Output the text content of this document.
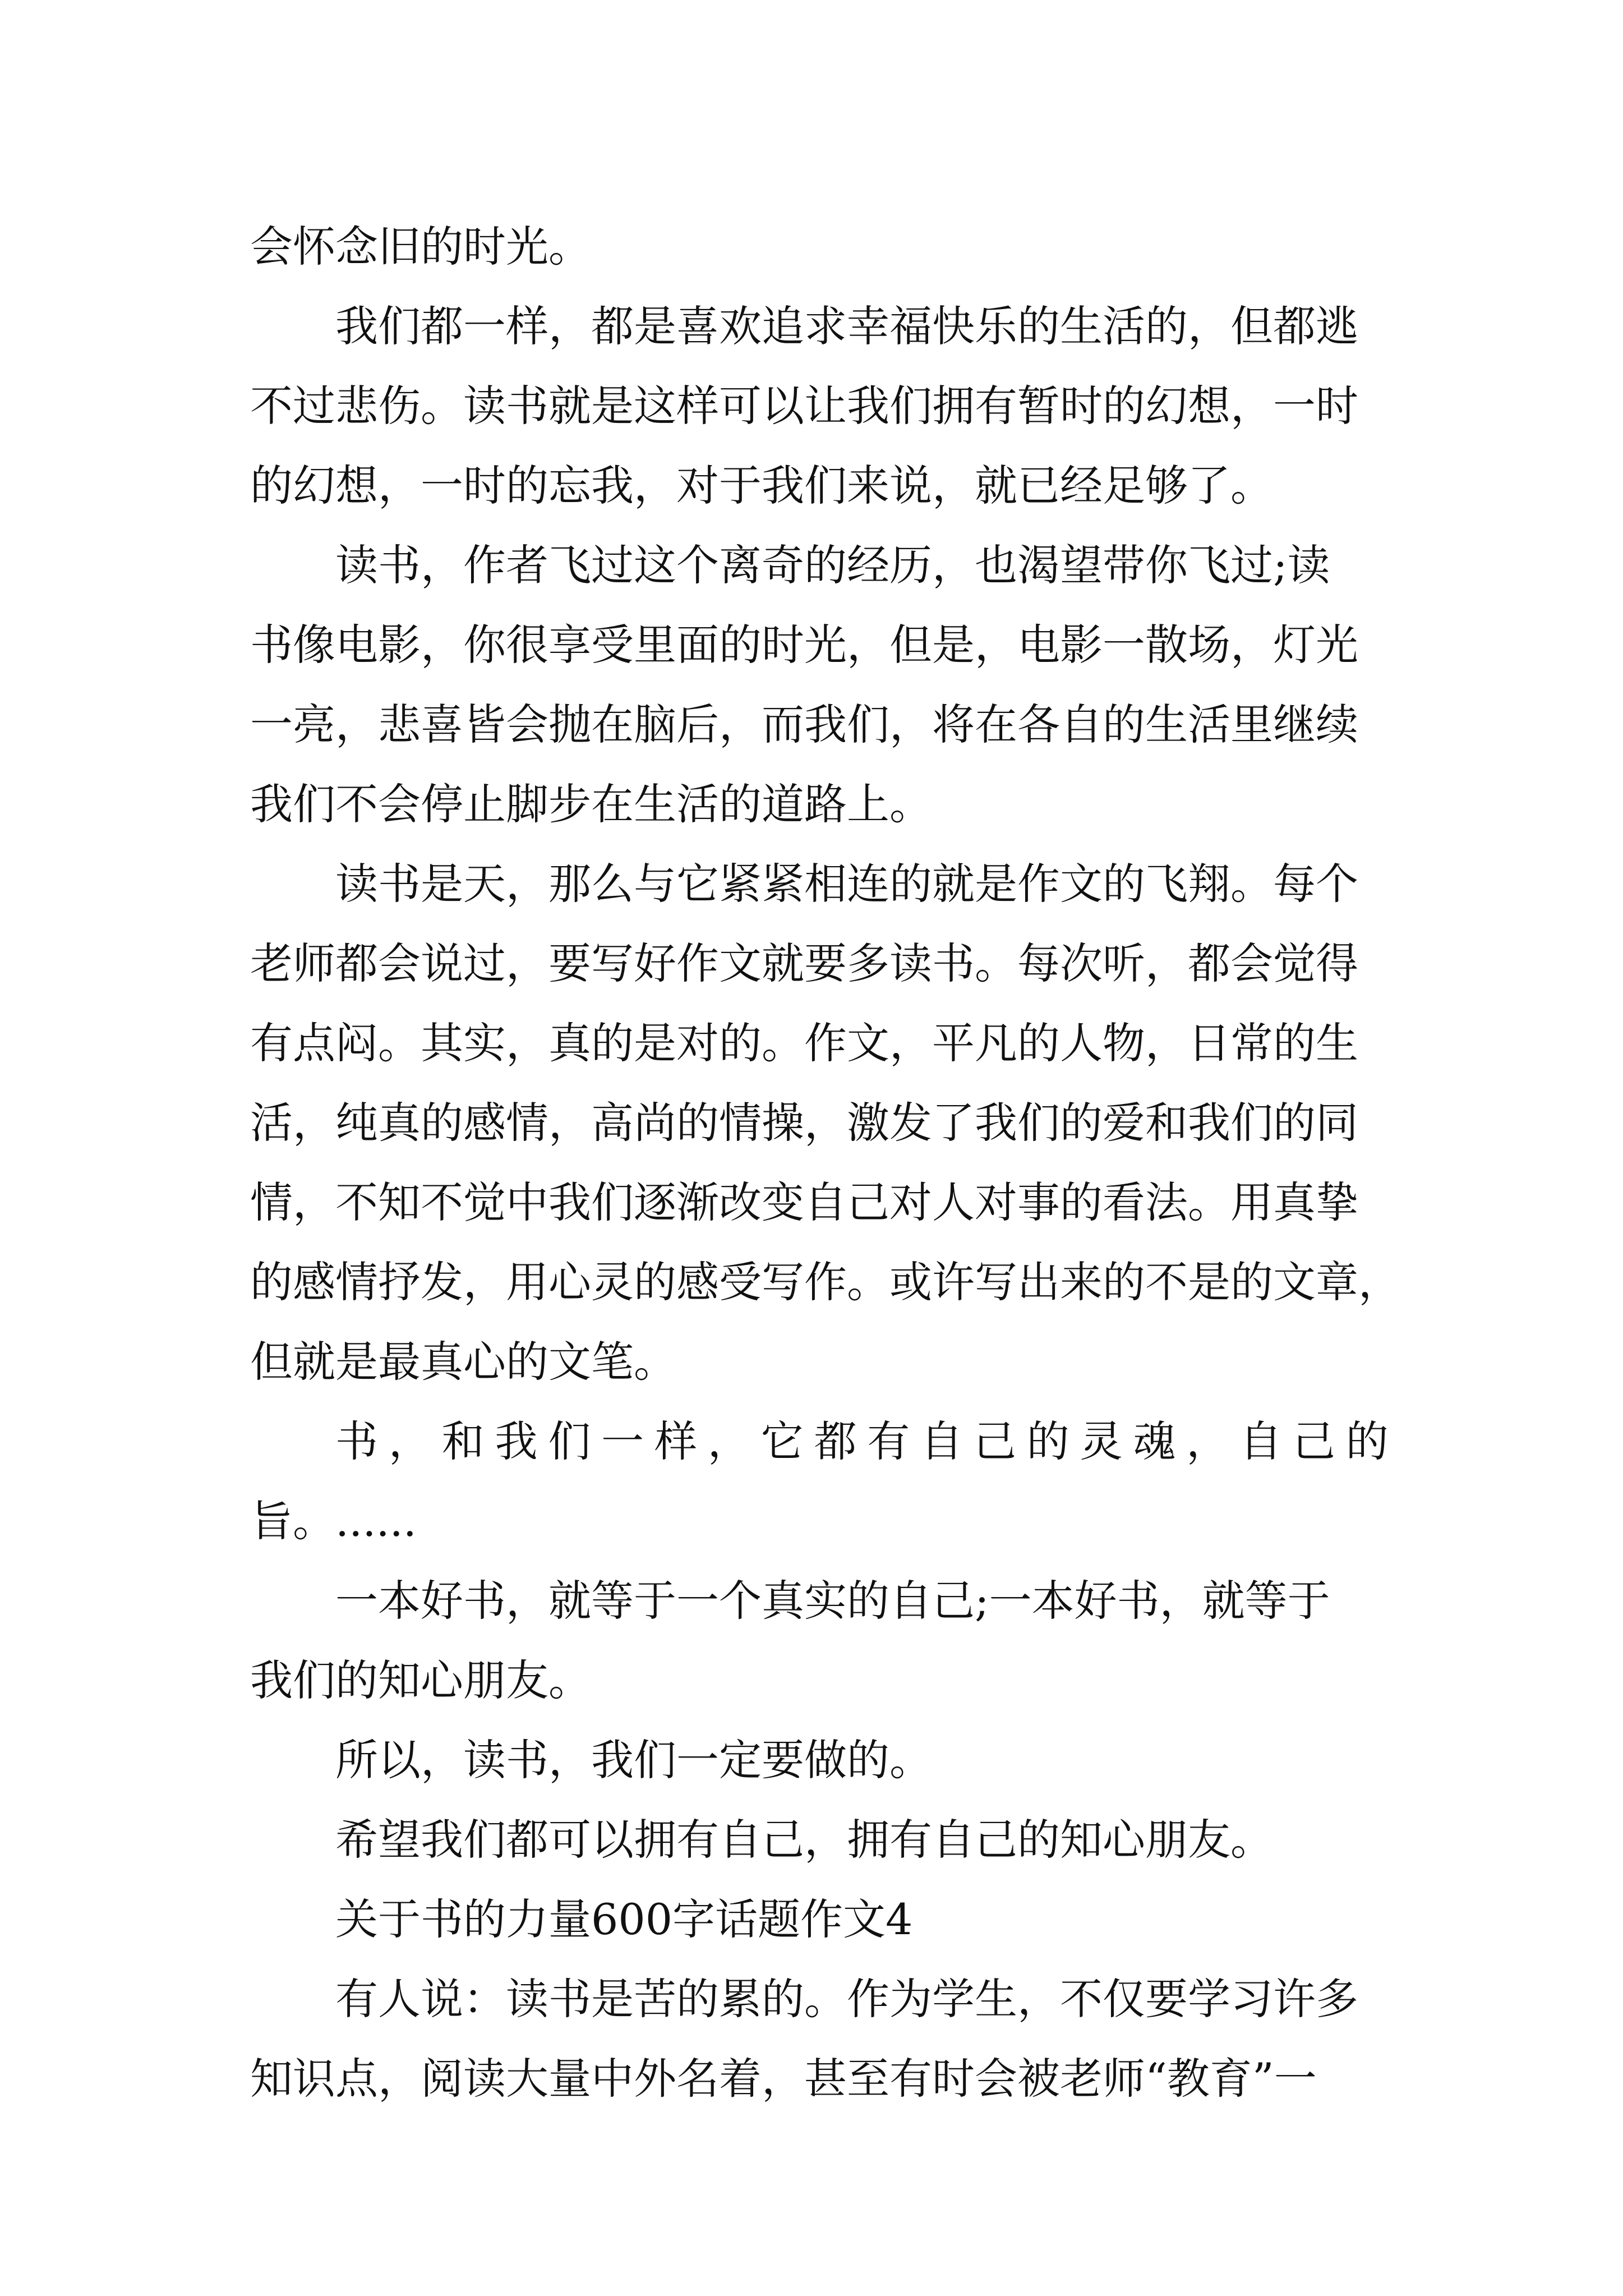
会怀念旧的时光。

我们都一样，都是喜欢追求幸福快乐的生活的，但都逃

不过悲伤。读书就是这样可以让我们拥有暂时的幻想，一时

的幻想，一时的忘我，对于我们来说，就已经足够了。

读书，作者飞过这个离奇的经历，也渴望带你飞过;读

书像电影，你很享受里面的时光，但是，电影一散场，灯光

一亮，悲喜皆会抛在脑后，而我们，将在各自的生活里继续

我们不会停止脚步在生活的道路上。

读书是天，那么与它紧紧相连的就是作文的飞翔。每个

老师都会说过，要写好作文就要多读书。每次听，都会觉得

有点闷。其实，真的是对的。作文，平凡的人物，日常的生

活，纯真的感情，高尚的情操，激发了我们的爱和我们的同

情，不知不觉中我们逐渐改变自己对人对事的看法。用真挚

的感情抒发，用心灵的感受写作。或许写出来的不是的文章，

但就是最真心的文笔。

书 ， 和 我 们 一 样 ， 它 都 有 自 己 的 灵 魂 ， 自 己 的

旨。......

一本好书，就等于一个真实的自己;一本好书，就等于

我们的知心朋友。

所以，读书，我们一定要做的。

希望我们都可以拥有自己，拥有自己的知心朋友。

关于书的力量600字话题作文4

有人说：读书是苦的累的。作为学生，不仅要学习许多

知识点，阅读大量中外名着，甚至有时会被老师“教育”一
